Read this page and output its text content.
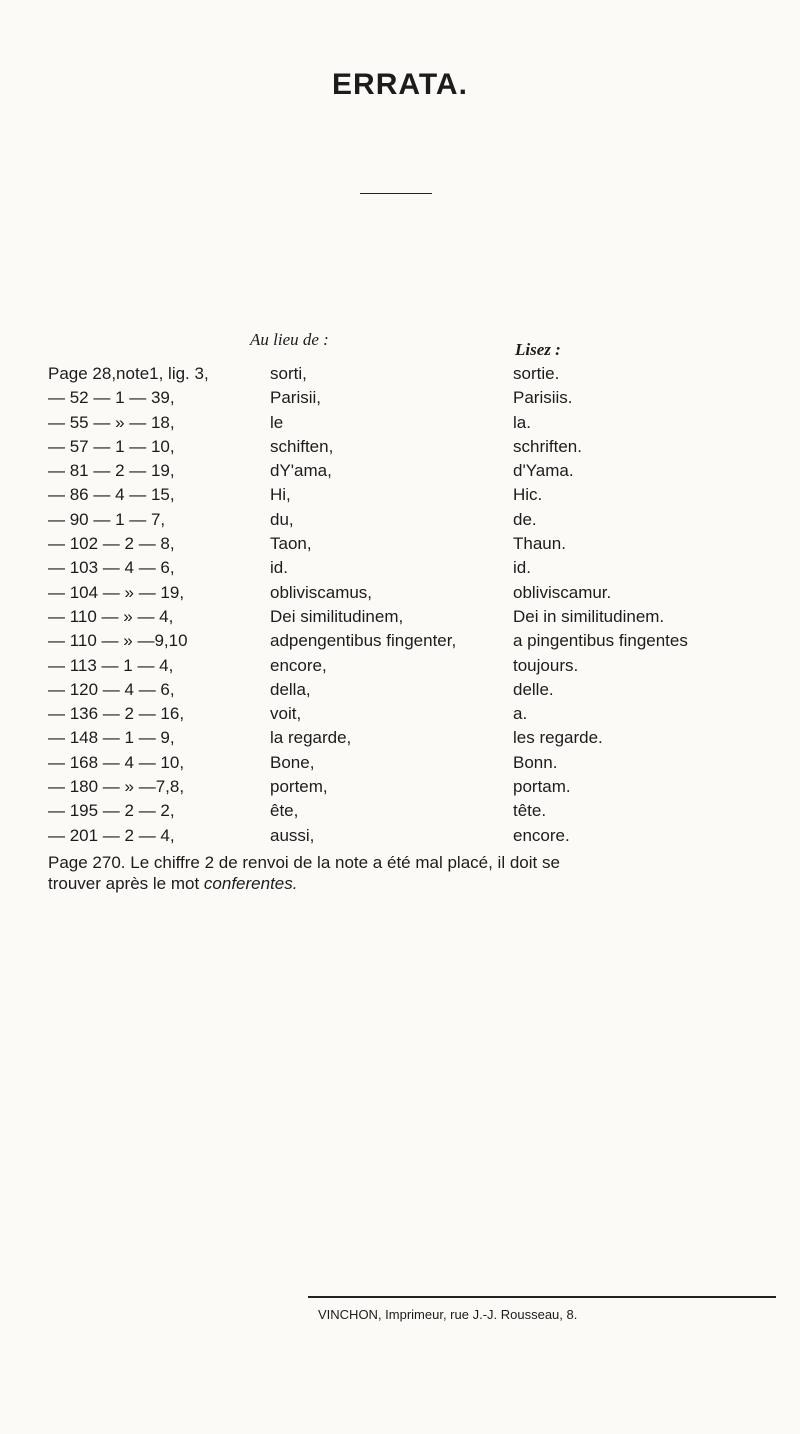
ERRATA.
Au lieu de :
Lisez :
Page 28,note1, lig. 3,	sorti,	sortie.
— 52 — 1 — 39,	Parisii,	Parisiis.
— 55 — » — 18,	le	la.
— 57 — 1 — 10,	schiften,	schriften.
— 81 — 2 — 19,	dY'ama,	d'Yama.
— 86 — 4 — 15,	Hi,	Hic.
— 90 — 1 — 7,	du,	de.
— 102 — 2 — 8,	Taon,	Thaun.
— 103 — 4 — 6,	id.	id.
— 104 — » — 19,	obliviscamus,	obliviscamur.
— 110 — » — 4,	Dei similitudinem,	Dei in similitudinem.
— 110 — » —9,10	adpengentibus fingenter,	a pingentibus fingentes
— 113 — 1 — 4,	encore,	toujours.
— 120 — 4 — 6,	della,	delle.
— 136 — 2 — 16,	voit,	a.
— 148 — 1 — 9,	la regarde,	les regarde.
— 168 — 4 — 10,	Bone,	Bonn.
— 180 — » —7,8,	portem,	portam.
— 195 — 2 — 2,	ête,	tête.
— 201 — 2 — 4,	aussi,	encore.
Page 270. Le chiffre 2 de renvoi de la note a été mal placé, il doit se
trouver après le mot conferentes.
VINCHON, Imprimeur, rue J.-J. Rousseau, 8.
